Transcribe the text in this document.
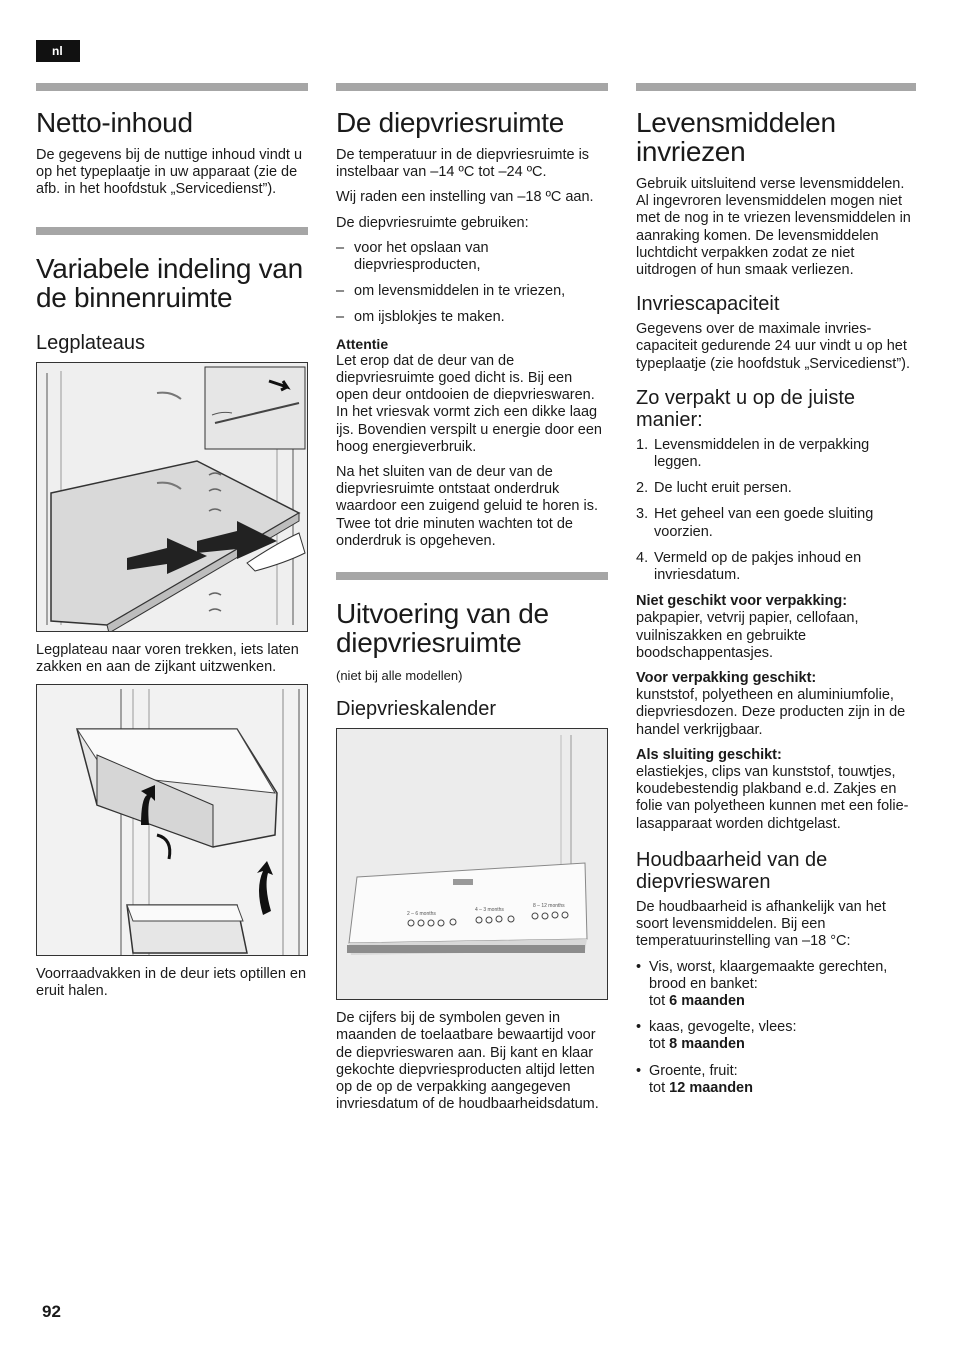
nl
Netto-inhoud

De gegevens bij de nuttige inhoud vindt u op het typeplaatje in uw apparaat (zie de afb. in het hoofdstuk „Servicedienst”).

Variabele indeling van de binnenruimte
Legplateaus

Legplateau naar voren trekken, iets laten zakken en aan de zijkant uitzwenken.

Voorraadvakken in de deur iets optillen en eruit halen.

De diepvriesruimte

De temperatuur in de diepvriesruimte is instelbaar van –14 ºC tot –24 ºC.

Wij raden een instelling van –18 ºC aan.

De diepvriesruimte gebruiken:

– voor het opslaan van diepvriesproducten,
– om levensmiddelen in te vriezen,
– om ijsblokjes te maken.
Attentie

Let erop dat de deur van de diepvriesruimte goed dicht is. Bij een open deur ontdooien de diepvrieswaren. In het vriesvak vormt zich een dikke laag ijs. Bovendien verspilt u energie door een hoog energieverbruik.

Na het sluiten van de deur van de diepvriesruimte ontstaat onderdruk waardoor een zuigend geluid te horen is. Twee tot drie minuten wachten tot de onderdruk is opgeheven.

Uitvoering van de diepvriesruimte

(niet bij alle modellen)

Diepvrieskalender
2 – 6 months
4 – 3 months
8 – 12 months

De cijfers bij de symbolen geven in maanden de toelaatbare bewaartijd voor de diepvrieswaren aan. Bij kant en klaar gekochte diepvriesproducten altijd letten op de op de verpakking aangegeven invriesdatum of de houdbaarheidsdatum.

Levensmiddelen invriezen

Gebruik uitsluitend verse levensmiddelen. Al ingevroren levensmiddelen mogen niet met de nog in te vriezen levensmiddelen in aanraking komen. De levensmiddelen luchtdicht verpakken zodat ze niet uitdrogen of hun smaak verliezen.

Invriescapaciteit

Gegevens over de maximale invriescapaciteit gedurende 24 uur vindt u op het typeplaatje (zie hoofdstuk „Servicedienst”).

Zo verpakt u op de juiste manier:
1. Levensmiddelen in de verpakking leggen.
2. De lucht eruit persen.
3. Het geheel van een goede sluiting voorzien.
4. Vermeld op de pakjes inhoud en invriesdatum.
Niet geschikt voor verpakking:

pakpapier, vetvrij papier, cellofaan, vuilniszakken en gebruikte boodschappentasjes.

Voor verpakking geschikt:

kunststof, polyetheen en aluminiumfolie, diepvriesdozen. Deze producten zijn in de handel verkrijgbaar.

Als sluiting geschikt:

elastiekjes, clips van kunststof, touwtjes, koudebestendig plakband e.d. Zakjes en folie van polyetheen kunnen met een folie-lasapparaat worden dichtgelast.

Houdbaarheid van de diepvrieswaren

De houdbaarheid is afhankelijk van het soort levensmiddelen. Bij een temperatuurinstelling van –18 °C:

• Vis, worst, klaargemaakte gerechten, brood en banket:
tot 6 maanden
• kaas, gevogelte, vlees:
tot 8 maanden
• Groente, fruit:
tot 12 maanden
92
